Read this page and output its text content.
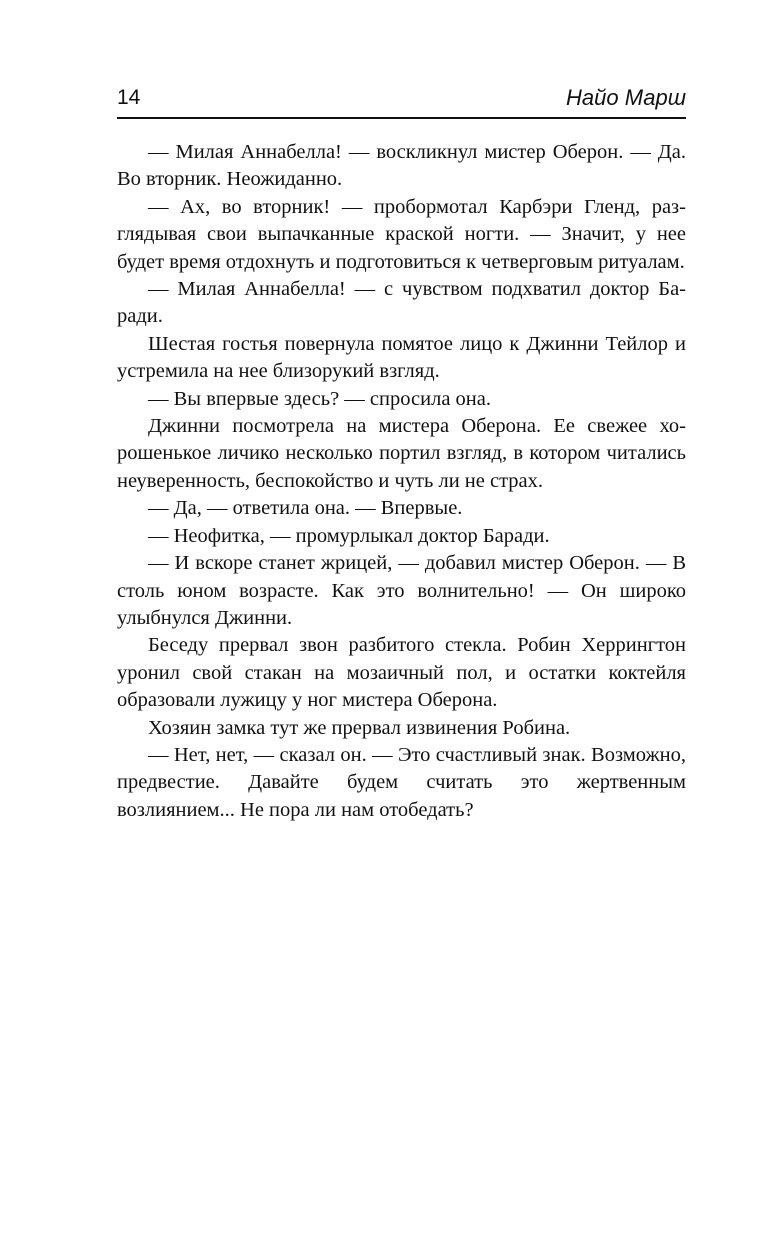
14	Найо Марш

— Милая Аннабелла! — воскликнул мистер Оберон. — Да. Во вторник. Неожиданно.

— Ах, во вторник! — пробормотал Карбэри Гленд, разглядывая свои выпачканные краской ногти. — Значит, у нее будет время отдохнуть и подготовиться к четверговым ритуалам.

— Милая Аннабелла! — с чувством подхватил доктор Баради.

Шестая гостья повернула помятое лицо к Джинни Тейлор и устремила на нее близорукий взгляд.

— Вы впервые здесь? — спросила она.

Джинни посмотрела на мистера Оберона. Ее свежее хорошенькое личико несколько портил взгляд, в котором читались неуверенность, беспокойство и чуть ли не страх.

— Да, — ответила она. — Впервые.

— Неофитка, — промурлыкал доктор Баради.

— И вскоре станет жрицей, — добавил мистер Оберон. — В столь юном возрасте. Как это волнительно! — Он широко улыбнулся Джинни.

Беседу прервал звон разбитого стекла. Робин Херрингтон уронил свой стакан на мозаичный пол, и остатки коктейля образовали лужицу у ног мистера Оберона.

Хозяин замка тут же прервал извинения Робина.

— Нет, нет, — сказал он. — Это счастливый знак. Возможно, предвестие. Давайте будем считать это жертвенным возлиянием... Не пора ли нам отобедать?
